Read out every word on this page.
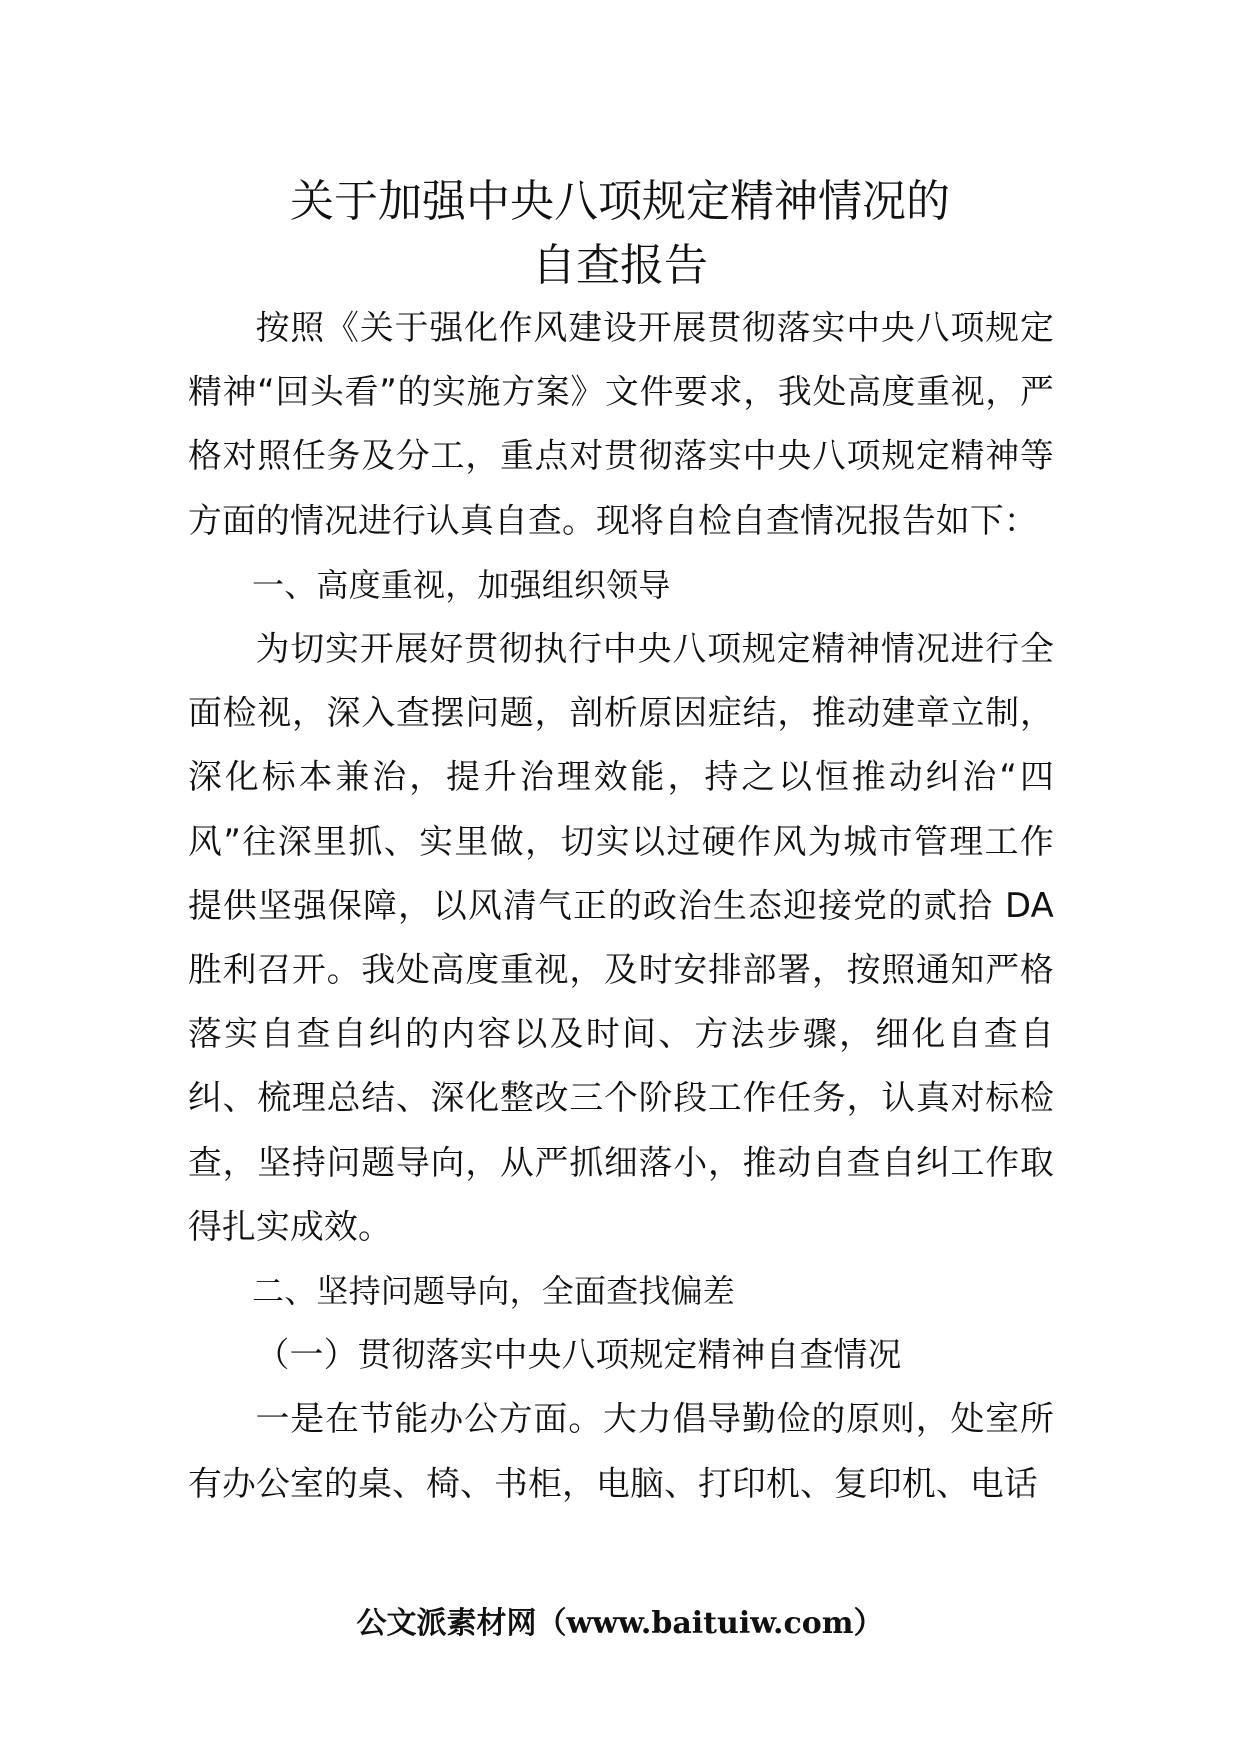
关于加强中央八项规定精神情况的
自查报告

按照《关于强化作风建设开展贯彻落实中央八项规定精神“回头看”的实施方案》文件要求，我处高度重视，严格对照任务及分工，重点对贯彻落实中央八项规定精神等方面的情况进行认真自查。现将自检自查情况报告如下：

一、高度重视，加强组织领导

为切实开展好贯彻执行中央八项规定精神情况进行全面检视，深入查摆问题，剖析原因症结，推动建章立制，深化标本兼治，提升治理效能，持之以恒推动纠治“四风”往深里抓、实里做，切实以过硬作风为城市管理工作提供坚强保障，以风清气正的政治生态迎接党的贰拾 DA 胜利召开。我处高度重视，及时安排部署，按照通知严格落实自查自纠的内容以及时间、方法步骤，细化自查自纠、梳理总结、深化整改三个阶段工作任务，认真对标检查，坚持问题导向，从严抓细落小，推动自查自纠工作取得扎实成效。

二、坚持问题导向，全面查找偏差

（一）贯彻落实中央八项规定精神自查情况

一是在节能办公方面。大力倡导勤俭的原则，处室所有办公室的桌、椅、书柜，电脑、打印机、复印机、电话

公文派素材网（www.baituiw.com）
